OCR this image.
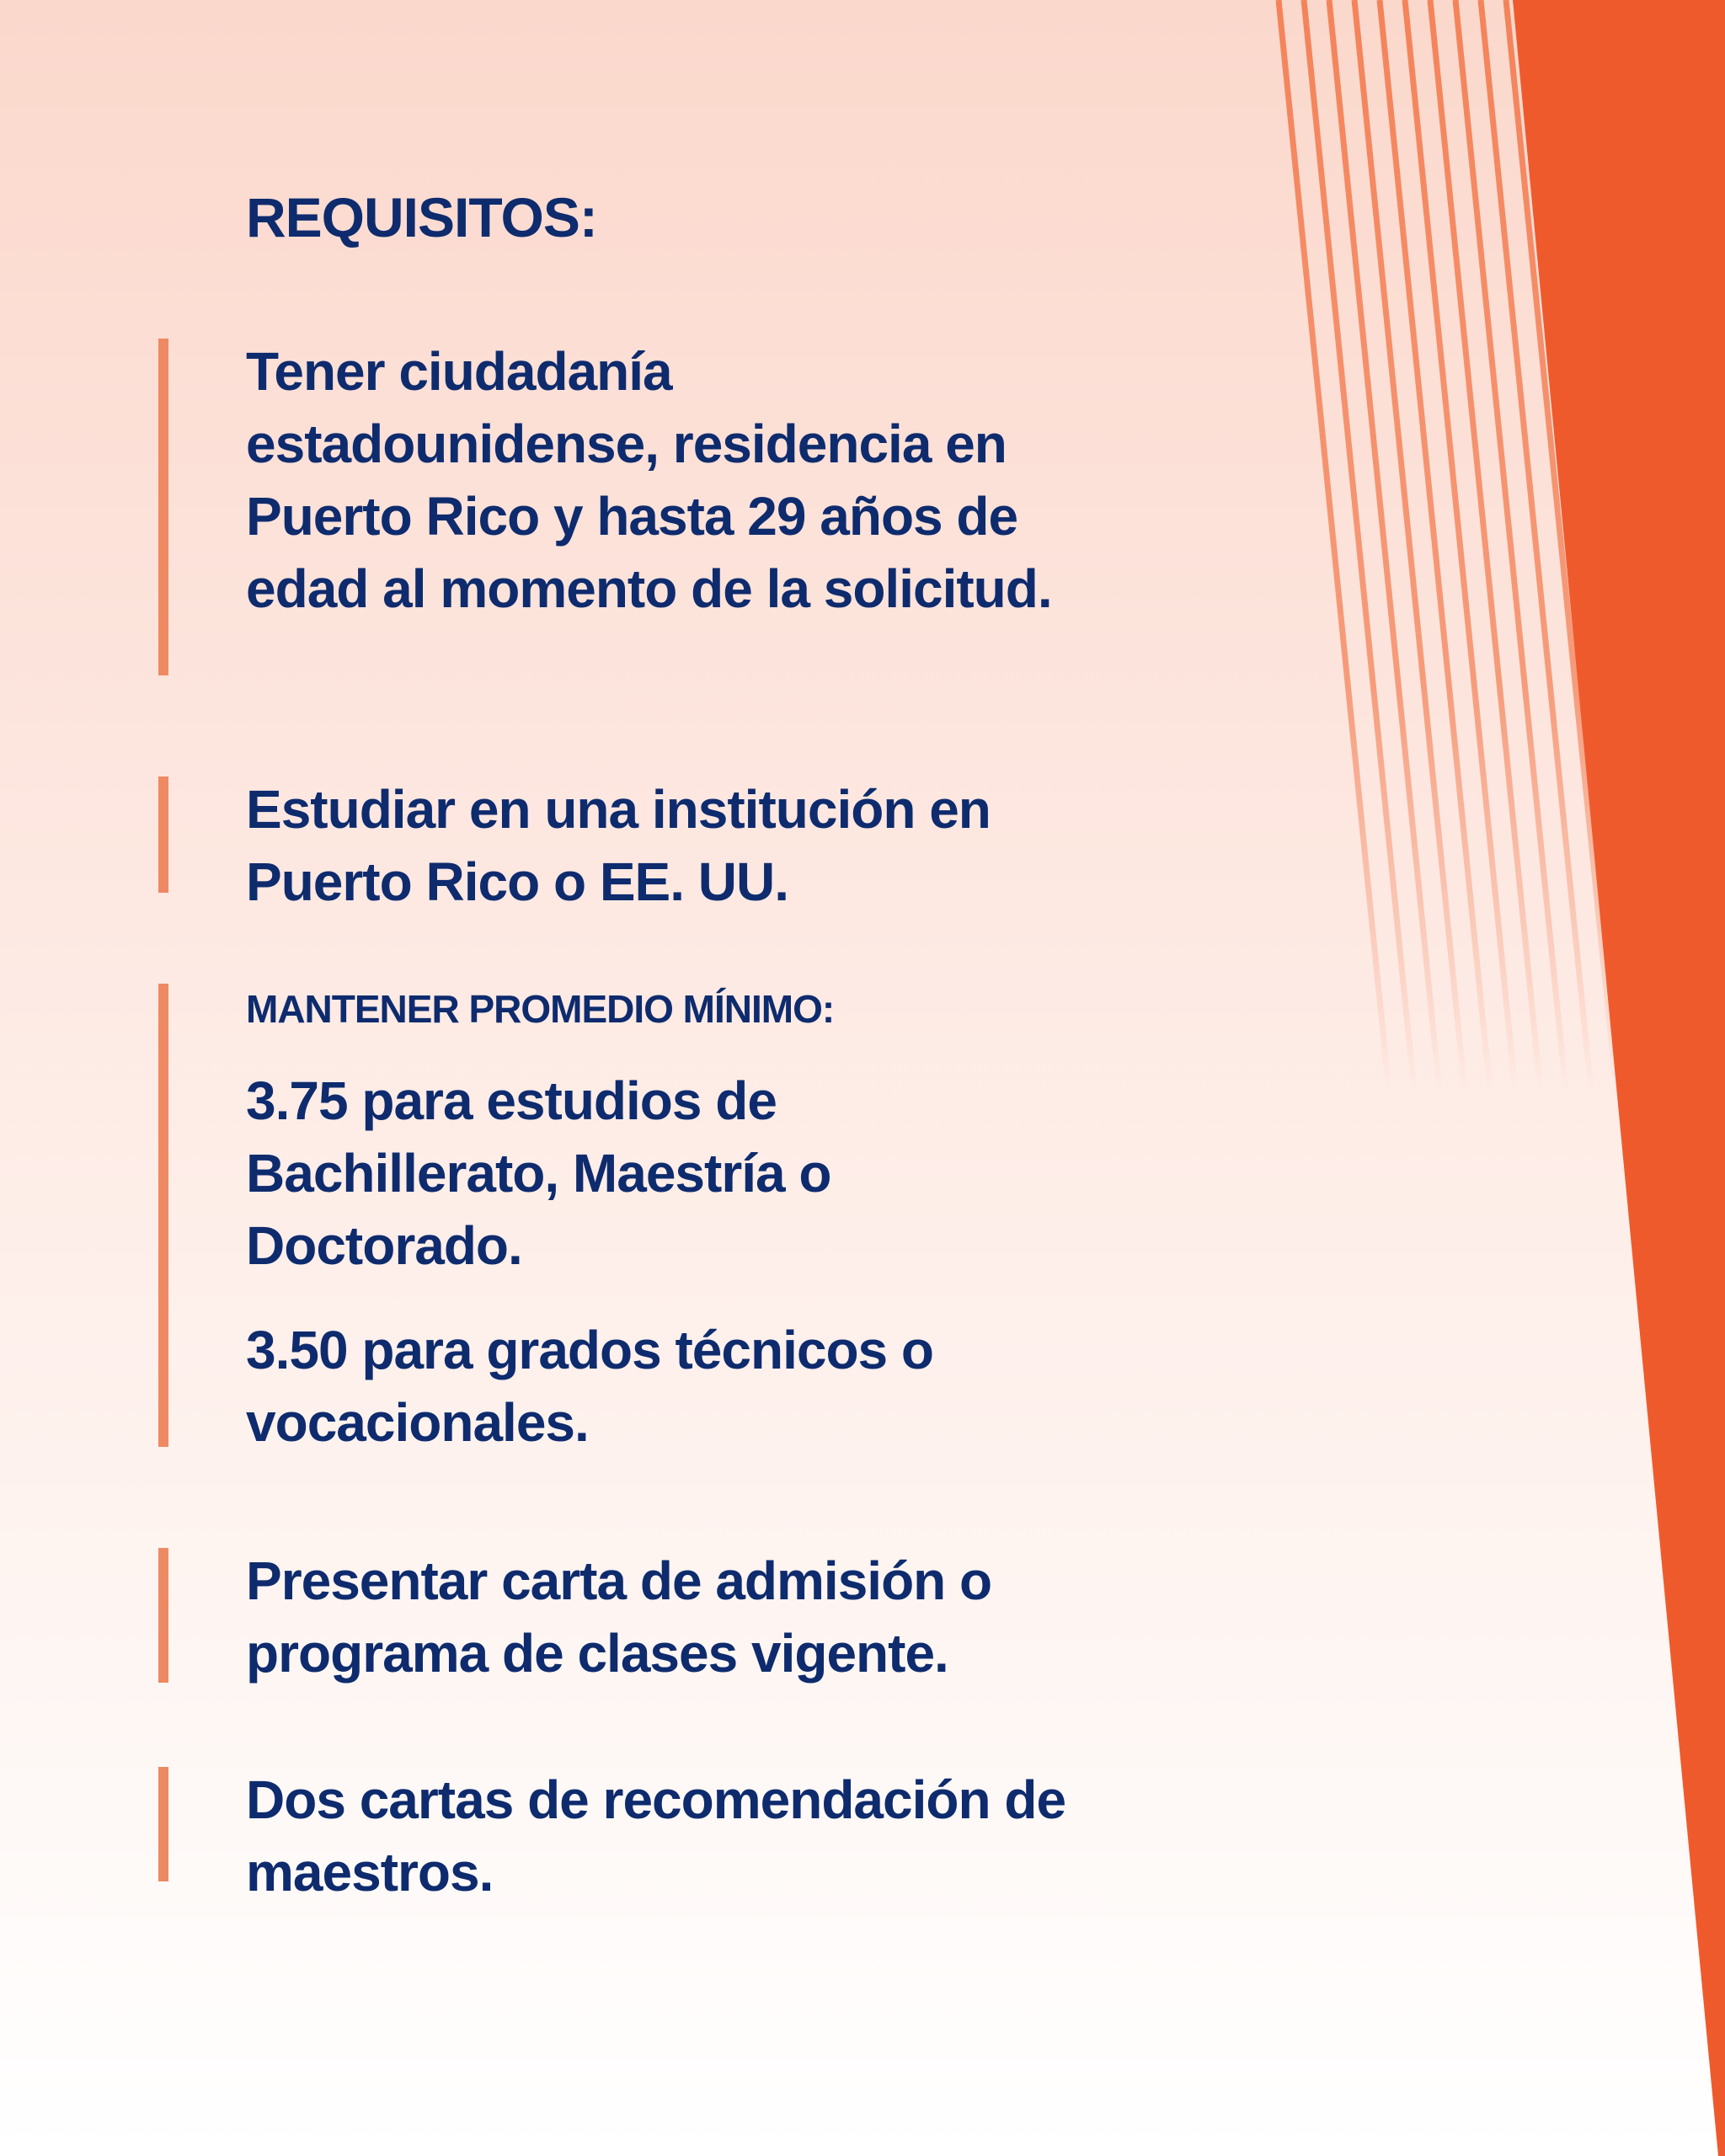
REQUISITOS:

Tener ciudadanía estadounidense, residencia en Puerto Rico y hasta 29 años de edad al momento de la solicitud.

Estudiar en una institución en Puerto Rico o EE. UU.

MANTENER PROMEDIO MÍNIMO:

3.75 para estudios de Bachillerato, Maestría o Doctorado.

3.50 para grados técnicos o vocacionales.

Presentar carta de admisión o programa de clases vigente.

Dos cartas de recomendación de maestros.
